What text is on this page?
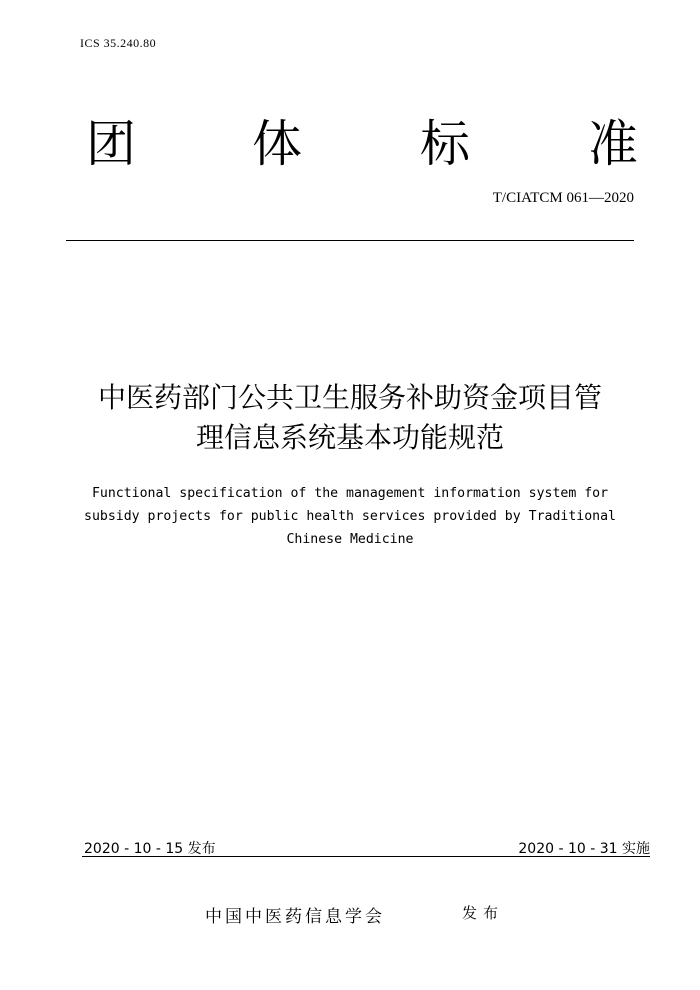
ICS 35.240.80
团 体 标 准
T/CIATCM 061—2020
中医药部门公共卫生服务补助资金项目管
理信息系统基本功能规范
Functional specification of the management information system for
subsidy projects for public health services provided by Traditional
Chinese Medicine
2020 - 10 - 15 发布	2020 - 10 - 31 实施
中国中医药信息学会	发布
